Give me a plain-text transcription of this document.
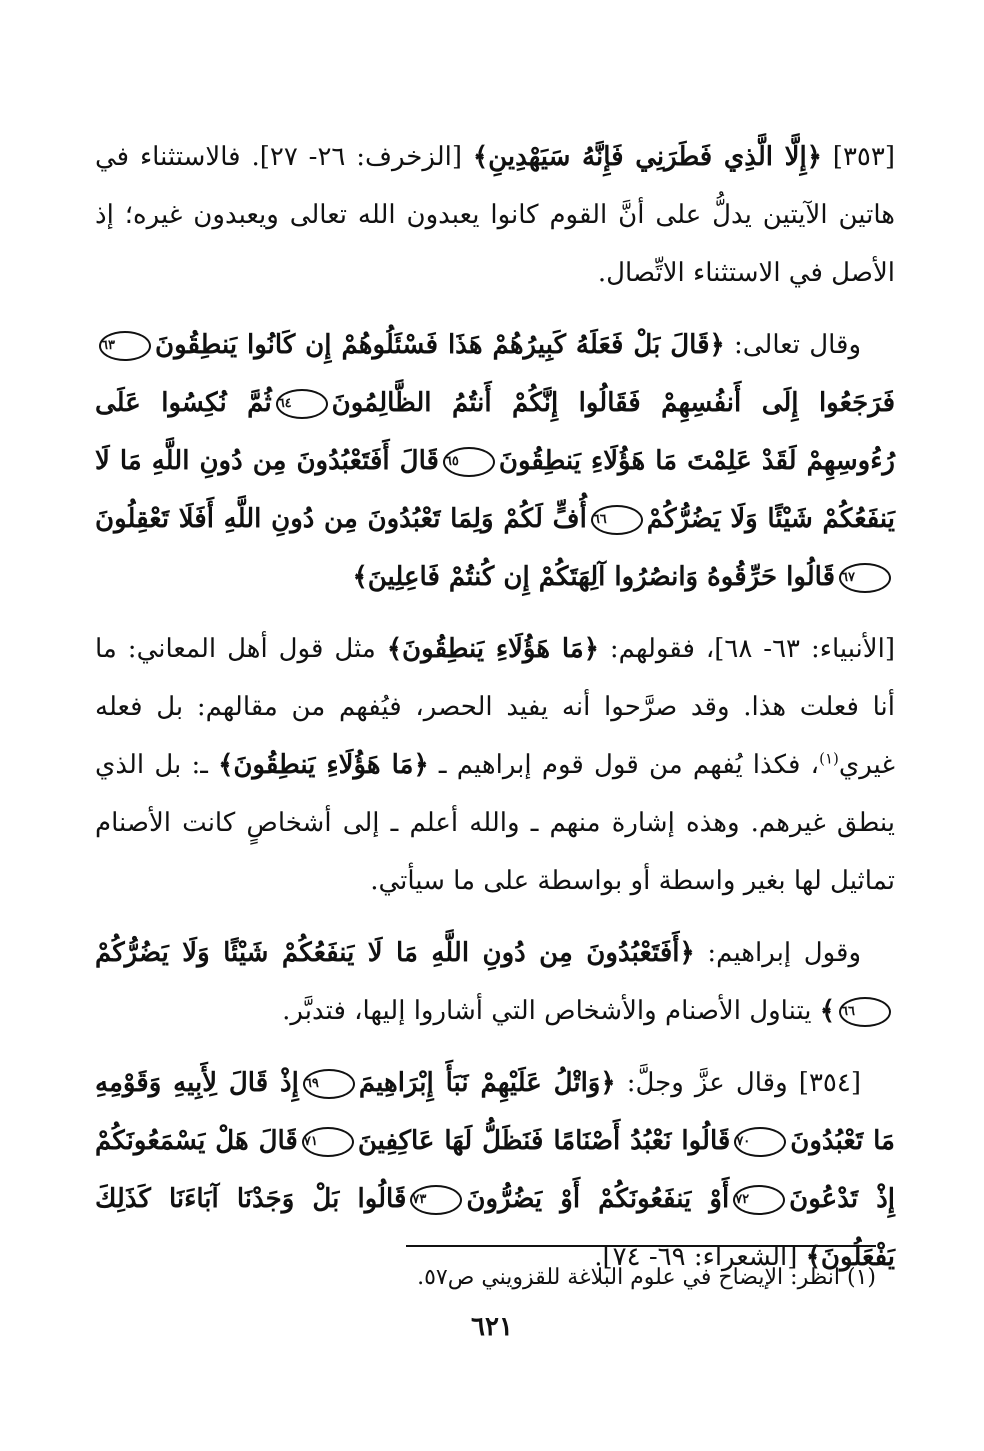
[٣٥٣] ﴿إِلَّا الَّذِي فَطَرَنِي فَإِنَّهُ سَيَهْدِينِ﴾ [الزخرف: ٢٦- ٢٧]. فالاستثناء في هاتين الآيتين يدلُّ على أنَّ القوم كانوا يعبدون الله تعالى ويعبدون غيره؛ إذ الأصل في الاستثناء الاتِّصال.

وقال تعالى: ﴿قَالَ بَلْ فَعَلَهُ كَبِيرُهُمْ هَذَا فَسْئَلُوهُمْ إِن كَانُوا يَنطِقُونَ٦٣فَرَجَعُوا إِلَى أَنفُسِهِمْ فَقَالُوا إِنَّكُمْ أَنتُمُ الظَّالِمُونَ٦٤ثُمَّ نُكِسُوا عَلَى رُءُوسِهِمْ لَقَدْ عَلِمْتَ مَا هَؤُلَاءِ يَنطِقُونَ٦٥قَالَ أَفَتَعْبُدُونَ مِن دُونِ اللَّهِ مَا لَا يَنفَعُكُمْ شَيْئًا وَلَا يَضُرُّكُمْ٦٦أُفٍّ لَكُمْ وَلِمَا تَعْبُدُونَ مِن دُونِ اللَّهِ أَفَلَا تَعْقِلُونَ٦٧قَالُوا حَرِّقُوهُ وَانصُرُوا آلِهَتَكُمْ إِن كُنتُمْ فَاعِلِينَ﴾

[الأنبياء: ٦٣- ٦٨]، فقولهم: ﴿مَا هَؤُلَاءِ يَنطِقُونَ﴾ مثل قول أهل المعاني: ما أنا فعلت هذا. وقد صرَّحوا أنه يفيد الحصر، فيُفهم من مقالهم: بل فعله غيري$^{(١)}$، فكذا يُفهم من قول قوم إبراهيم ـ ﴿مَا هَؤُلَاءِ يَنطِقُونَ﴾ ـ: بل الذي ينطق غيرهم. وهذه إشارة منهم ـ والله أعلم ـ إلى أشخاصٍ كانت الأصنام تماثيل لها بغير واسطة أو بواسطة على ما سيأتي.

وقول إبراهيم: ﴿أَفَتَعْبُدُونَ مِن دُونِ اللَّهِ مَا لَا يَنفَعُكُمْ شَيْئًا وَلَا يَضُرُّكُمْ٦٦﴾ يتناول الأصنام والأشخاص التي أشاروا إليها، فتدبَّر.

[٣٥٤] وقال عزَّ وجلَّ: ﴿وَاتْلُ عَلَيْهِمْ نَبَأَ إِبْرَاهِيمَ٦٩إِذْ قَالَ لِأَبِيهِ وَقَوْمِهِ مَا تَعْبُدُونَ٧٠قَالُوا نَعْبُدُ أَصْنَامًا فَنَظَلُّ لَهَا عَاكِفِينَ٧١قَالَ هَلْ يَسْمَعُونَكُمْ إِذْ تَدْعُونَ٧٢أَوْ يَنفَعُونَكُمْ أَوْ يَضُرُّونَ٧٣قَالُوا بَلْ وَجَدْنَا آبَاءَنَا كَذَلِكَ يَفْعَلُونَ﴾ [الشعراء: ٦٩- ٧٤].

(١) انظر: الإيضاح في علوم البلاغة للقزويني ص٥٧.
٦٢١
